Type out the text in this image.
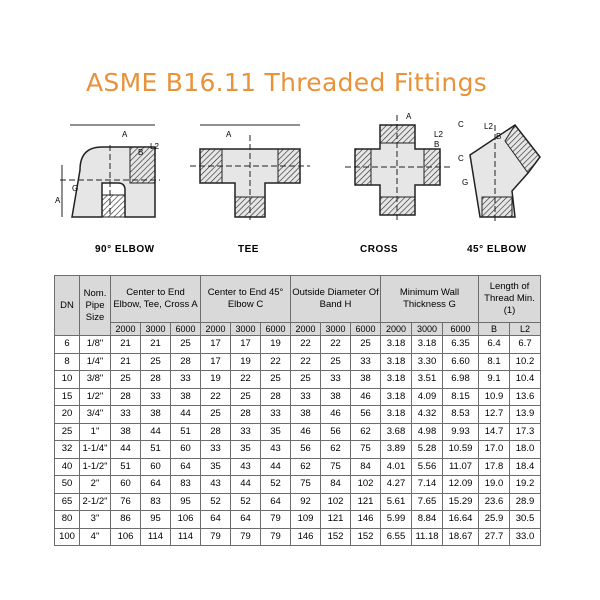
ASME B16.11 Threaded Fittings
A
L2
B
G
A
A
A
L2
B
C
C
L2
B
G
90° ELBOW	TEE	CROSS	45° ELBOW
DN	Nom. Pipe Size	Center to End Elbow, Tee, Cross A			Center to End 45° Elbow C			Outside Diameter Of Band H			Minimum Wall Thickness G			Length of Thread Min. (1)	
		2000	3000	6000	2000	3000	6000	2000	3000	6000	2000	3000	6000	B	L2
6	1/8"	21	21	25	17	17	19	22	22	25	3.18	3.18	6.35	6.4	6.7
8	1/4"	21	25	28	17	19	22	22	25	33	3.18	3.30	6.60	8.1	10.2
10	3/8"	25	28	33	19	22	25	25	33	38	3.18	3.51	6.98	9.1	10.4
15	1/2"	28	33	38	22	25	28	33	38	46	3.18	4.09	8.15	10.9	13.6
20	3/4"	33	38	44	25	28	33	38	46	56	3.18	4.32	8.53	12.7	13.9
25	1"	38	44	51	28	33	35	46	56	62	3.68	4.98	9.93	14.7	17.3
32	1-1/4"	44	51	60	33	35	43	56	62	75	3.89	5.28	10.59	17.0	18.0
40	1-1/2"	51	60	64	35	43	44	62	75	84	4.01	5.56	11.07	17.8	18.4
50	2"	60	64	83	43	44	52	75	84	102	4.27	7.14	12.09	19.0	19.2
65	2-1/2"	76	83	95	52	52	64	92	102	121	5.61	7.65	15.29	23.6	28.9
80	3"	86	95	106	64	64	79	109	121	146	5.99	8.84	16.64	25.9	30.5
100	4"	106	114	114	79	79	79	146	152	152	6.55	11.18	18.67	27.7	33.0
